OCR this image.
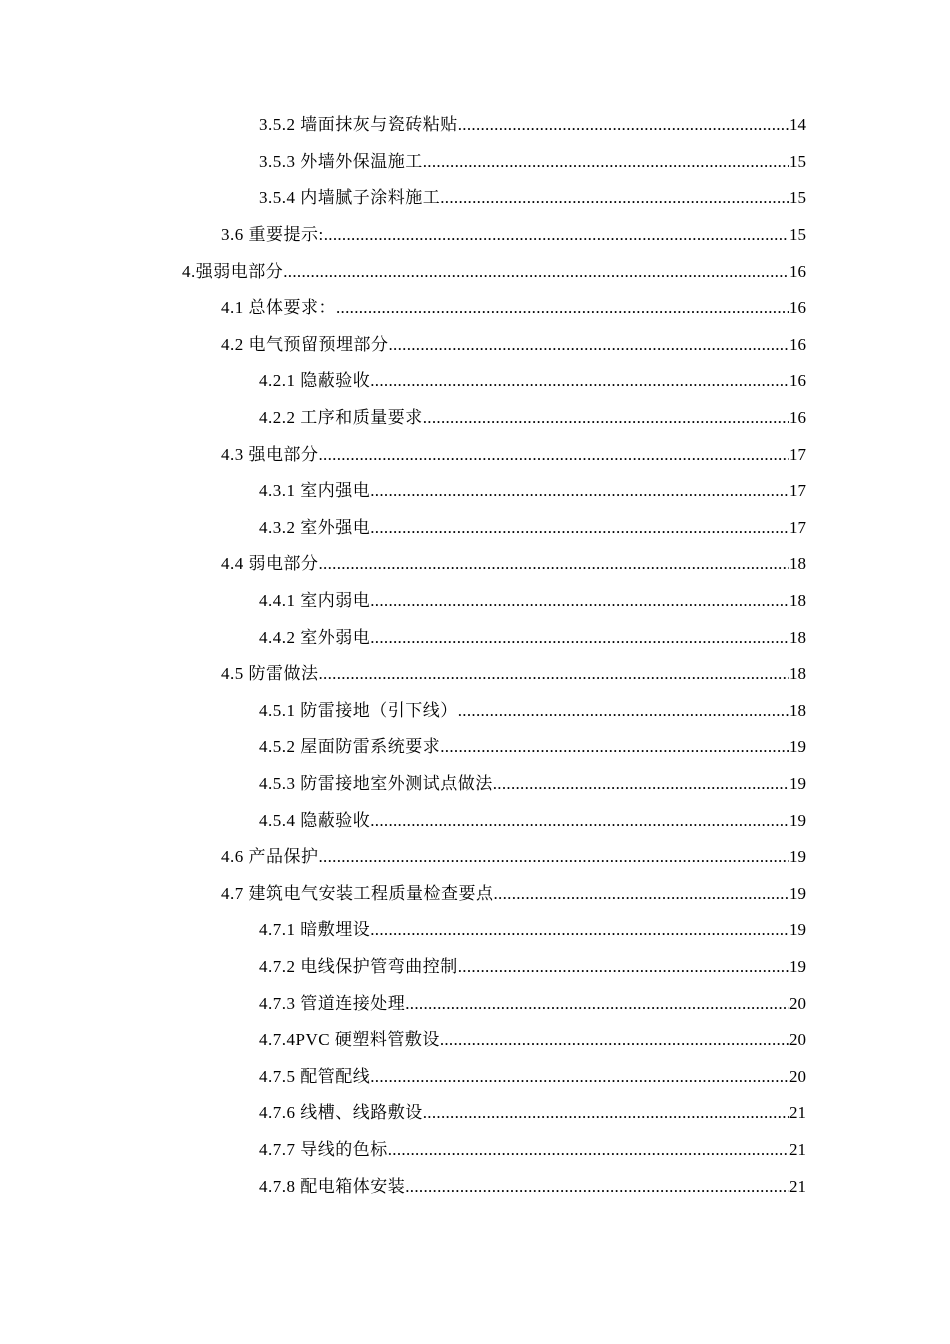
3.5.2 墙面抹灰与瓷砖粘贴 .....	14
3.5.3 外墙外保温施工 .....	15
3.5.4 内墙腻子涂料施工 .....	15
3.6 重要提示: .....	15
4.强弱电部分 .....	16
4.1 总体要求： .....	16
4.2 电气预留预埋部分 .....	16
4.2.1 隐蔽验收 .....	16
4.2.2 工序和质量要求 .....	16
4.3 强电部分 .....	17
4.3.1 室内强电 .....	17
4.3.2 室外强电 .....	17
4.4 弱电部分 .....	18
4.4.1 室内弱电 .....	18
4.4.2 室外弱电 .....	18
4.5 防雷做法 .....	18
4.5.1 防雷接地（引下线） .....	18
4.5.2 屋面防雷系统要求 .....	19
4.5.3 防雷接地室外测试点做法 .....	19
4.5.4 隐蔽验收 .....	19
4.6 产品保护 .....	19
4.7 建筑电气安装工程质量检查要点 .....	19
4.7.1 暗敷埋设 .....	19
4.7.2 电线保护管弯曲控制 .....	19
4.7.3 管道连接处理 .....	20
4.7.4PVC 硬塑料管敷设 .....	20
4.7.5 配管配线 .....	20
4.7.6 线槽、线路敷设 .....	21
4.7.7 导线的色标 .....	21
4.7.8 配电箱体安装 .....	21
